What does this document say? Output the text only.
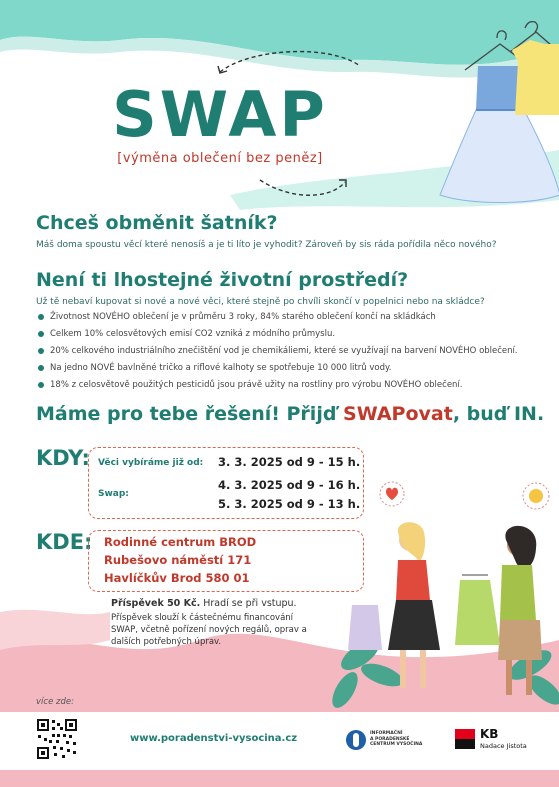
SWAP
[výměna oblečení bez peněz]
Chceš obměnit šatník?
Máš doma spoustu věcí které nenosíš a je ti líto je vyhodit? Zároveň by sis ráda pořídila něco nového?
Není ti lhostejné životní prostředí?
Už tě nebaví kupovat si nové a nové věci, které stejně po chvíli skončí v popelnici nebo na skládce?
Životnost NOVÉHO oblečení je v průměru 3 roky, 84% starého oblečení končí na skládkách
Celkem 10% celosvětových emisí CO2 vzniká z módního průmyslu.
20% celkového industriálního znečištění vod je chemikáliemi, které se využívají na barvení NOVÉHO oblečení.
Na jedno NOVÉ bavlněné tričko a riflové kalhoty se spotřebuje 10 000 litrů vody.
18% z celosvětově použitých pesticidů jsou právě užity na rostliny pro výrobu NOVÉHO oblečení.
Máme pro tebe řešení! Přijď SWAPovat, buď IN.
KDY: Věci vybíráme již od: 3. 3. 2025 od 9 - 15 h.
Swap:
4. 3. 2025 od 9 - 16 h.
5. 3. 2025 od 9 - 13 h.
KDE: Rodinné centrum BROD
Rubešovo náměstí 171
Havlíčkův Brod 580 01
Příspěvek 50 Kč. Hradí se při vstupu.
Příspěvek slouží k částečnému financování
SWAP, včetně pořízení nových regálů, oprav a
dalších potřebných úprav.
více zde:
www.poradenstvi-vysocina.cz	INFORMAČNÍ
A PORADENSKÉ
CENTRUM VYSOČINA
KB
Nadace Jistota
